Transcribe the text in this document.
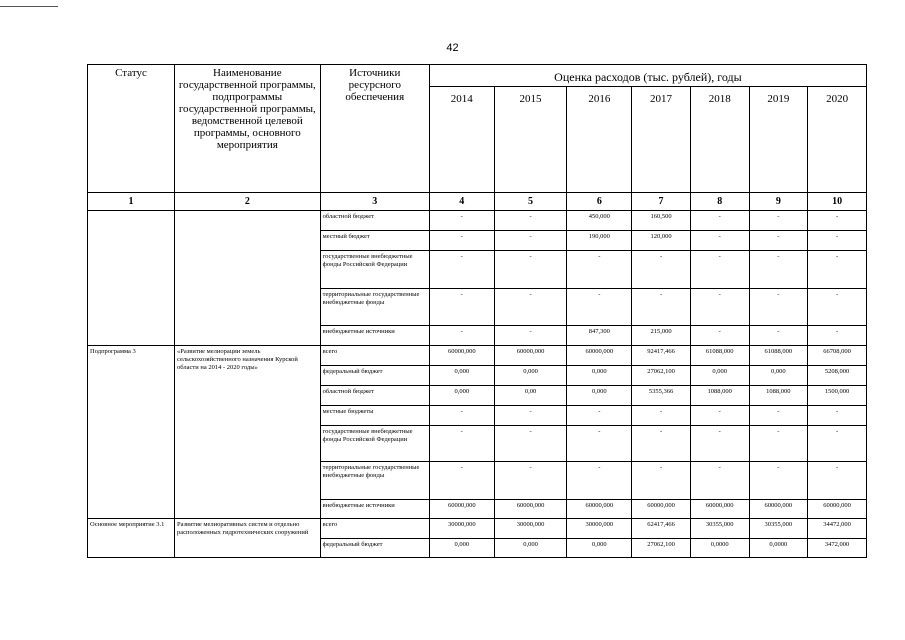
42
Статус	Наименование государственной программы, подпрограммы государственной программы, ведомственной целевой программы, основного мероприятия	Источники ресурсного обеспечения	Оценка расходов (тыс. рублей), годы						
			2014	2015	2016	2017	2018	2019	2020
1	2	3	4	5	6	7	8	9	10
		областной бюджет	-	-	450,000	160,500	-	-	-
		местный бюджет	-	-	190,000	120,000	-	-	-
		государственные внебюджетные фонды Российской Федерации	-	-	-	-	-	-	-
		территориальные государственные внебюджетные фонды	-	-	-	-	-	-	-
		внебюджетные источники	-	-	847,300	215,000	-	-	-
Подпрограмма 3	«Развитие мелиорации земель сельскохозяйственного назначения Курской области на 2014 - 2020 годы»	всего	60000,000	60000,000	60000,000	92417,466	61088,000	61088,000	66708,000
		федеральный бюджет	0,000	0,000	0,000	27062,100	0,000	0,000	5208,000
		областной бюджет	0,000	0,00	0,000	5355,366	1088,000	1088,000	1500,000
		местные бюджеты	-	-	-	-	-	-	-
		государственные внебюджетные фонды Российской Федерации	-	-	-	-	-	-	-
		территориальные государственные внебюджетные фонды	-	-	-	-	-	-	-
		внебюджетные источники	60000,000	60000,000	60000,000	60000,000	60000,000	60000,000	60000,000
Основное мероприятие 3.1	Развитие мелиоративных систем и отдельно расположенных гидротехнических сооружений	всего	30000,000	30000,000	30000,000	62417,466	30355,000	30355,000	34472,000
		федеральный бюджет	0,000	0,000	0,000	27062,100	0,0000	0,0000	3472,000
